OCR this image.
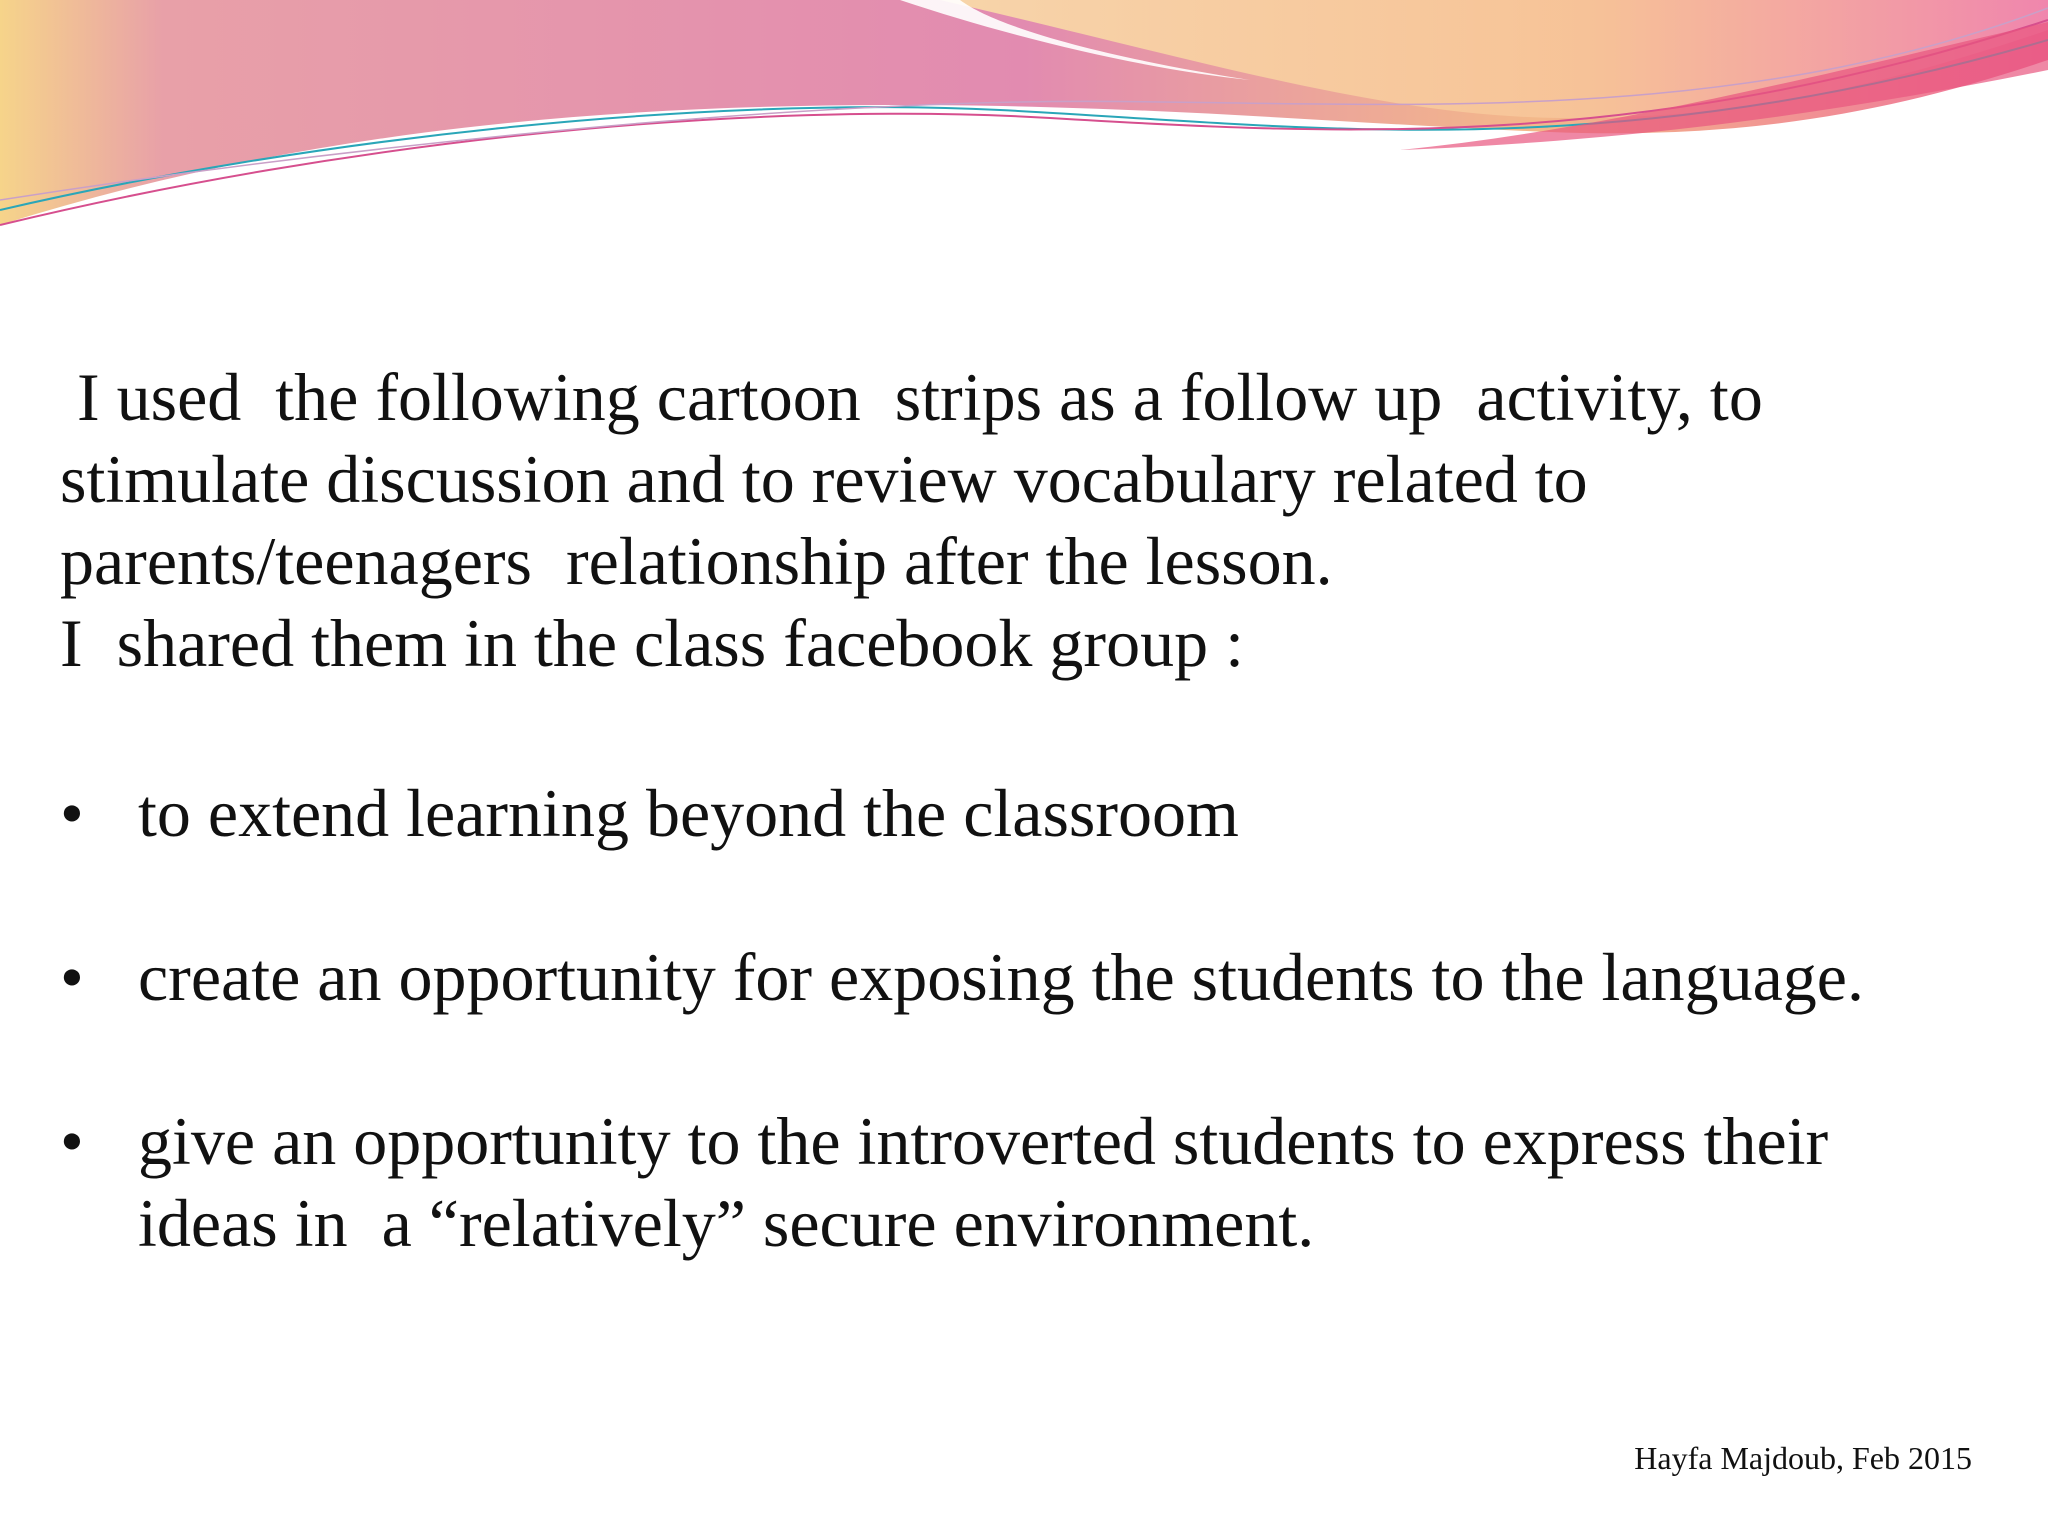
I used  the following cartoon  strips as a follow up  activity, to
stimulate discussion and to review vocabulary related to
parents/teenagers  relationship after the lesson.
I  shared them in the class facebook group :
• to extend learning beyond the classroom
• create an opportunity for exposing the students to the language.
• give an opportunity to the introverted students to express their
ideas in  a “relatively” secure environment.
Hayfa Majdoub, Feb 2015
